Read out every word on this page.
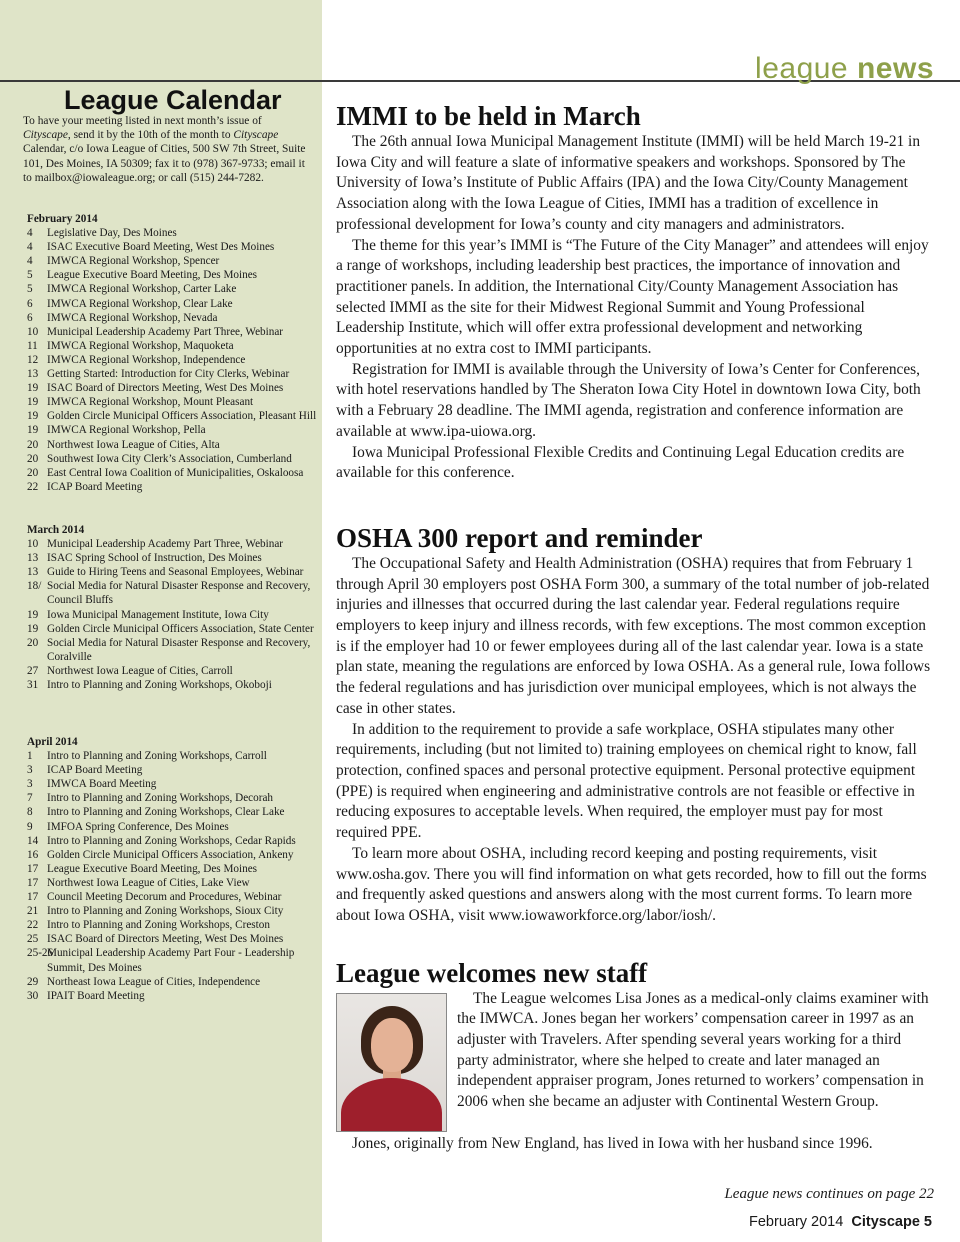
league news
League Calendar
To have your meeting listed in next month’s issue of Cityscape, send it by the 10th of the month to Cityscape Calendar, c/o Iowa League of Cities, 500 SW 7th Street, Suite 101, Des Moines, IA 50309; fax it to (978) 367-9733; email it to mailbox@iowaleague.org; or call (515) 244-7282.
February 2014
4 Legislative Day, Des Moines
4 ISAC Executive Board Meeting, West Des Moines
4 IMWCA Regional Workshop, Spencer
5 League Executive Board Meeting, Des Moines
5 IMWCA Regional Workshop, Carter Lake
6 IMWCA Regional Workshop, Clear Lake
6 IMWCA Regional Workshop, Nevada
10 Municipal Leadership Academy Part Three, Webinar
11 IMWCA Regional Workshop, Maquoketa
12 IMWCA Regional Workshop, Independence
13 Getting Started: Introduction for City Clerks, Webinar
19 ISAC Board of Directors Meeting, West Des Moines
19 IMWCA Regional Workshop, Mount Pleasant
19 Golden Circle Municipal Officers Association, Pleasant Hill
19 IMWCA Regional Workshop, Pella
20 Northwest Iowa League of Cities, Alta
20 Southwest Iowa City Clerk’s Association, Cumberland
20 East Central Iowa Coalition of Municipalities, Oskaloosa
22 ICAP Board Meeting
March 2014
10 Municipal Leadership Academy Part Three, Webinar
13 ISAC Spring School of Instruction, Des Moines
13 Guide to Hiring Teens and Seasonal Employees, Webinar
18/ Social Media for Natural Disaster Response and Recovery, Council Bluffs
19 Iowa Municipal Management Institute, Iowa City
19 Golden Circle Municipal Officers Association, State Center
20 Social Media for Natural Disaster Response and Recovery, Coralville
27 Northwest Iowa League of Cities, Carroll
31 Intro to Planning and Zoning Workshops, Okoboji
April 2014
1 Intro to Planning and Zoning Workshops, Carroll
3 ICAP Board Meeting
3 IMWCA Board Meeting
7 Intro to Planning and Zoning Workshops, Decorah
8 Intro to Planning and Zoning Workshops, Clear Lake
9 IMFOA Spring Conference, Des Moines
14 Intro to Planning and Zoning Workshops, Cedar Rapids
16 Golden Circle Municipal Officers Association, Ankeny
17 League Executive Board Meeting, Des Moines
17 Northwest Iowa League of Cities, Lake View
17 Council Meeting Decorum and Procedures, Webinar
21 Intro to Planning and Zoning Workshops, Sioux City
22 Intro to Planning and Zoning Workshops, Creston
25 ISAC Board of Directors Meeting, West Des Moines
25-26
Municipal Leadership Academy Part Four - Leadership Summit, Des Moines
29 Northeast Iowa League of Cities, Independence
30 IPAIT Board Meeting
IMMI to be held in March

The 26th annual Iowa Municipal Management Institute (IMMI) will be held March 19-21 in Iowa City and will feature a slate of informative speakers and workshops. Sponsored by The University of Iowa’s Institute of Public Affairs (IPA) and the Iowa City/County Management Association along with the Iowa League of Cities, IMMI has a tradition of excellence in professional development for Iowa’s county and city managers and administrators.

The theme for this year’s IMMI is “The Future of the City Manager” and attendees will enjoy a range of workshops, including leadership best practices, the importance of innovation and practitioner panels. In addition, the International City/County Management Association has selected IMMI as the site for their Midwest Regional Summit and Young Professional Leadership Institute, which will offer extra professional development and networking opportunities at no extra cost to IMMI participants.

Registration for IMMI is available through the University of Iowa’s Center for Conferences, with hotel reservations handled by The Sheraton Iowa City Hotel in downtown Iowa City, both with a February 28 deadline. The IMMI agenda, registration and conference information are available at www.ipa-uiowa.org.

Iowa Municipal Professional Flexible Credits and Continuing Legal Education credits are available for this conference.

OSHA 300 report and reminder

The Occupational Safety and Health Administration (OSHA) requires that from February 1 through April 30 employers post OSHA Form 300, a summary of the total number of job-related injuries and illnesses that occurred during the last calendar year. Federal regulations require employers to keep injury and illness records, with few exceptions. The most common exception is if the employer had 10 or fewer employees during all of the last calendar year. Iowa is a state plan state, meaning the regulations are enforced by Iowa OSHA. As a general rule, Iowa follows the federal regulations and has jurisdiction over municipal employees, which is not always the case in other states.

In addition to the requirement to provide a safe workplace, OSHA stipulates many other requirements, including (but not limited to) training employees on chemical right to know, fall protection, confined spaces and personal protective equipment. Personal protective equipment (PPE) is required when engineering and administrative controls are not feasible or effective in reducing exposures to acceptable levels. When required, the employer must pay for most required PPE.

To learn more about OSHA, including record keeping and posting requirements, visit www.osha.gov. There you will find information on what gets recorded, how to fill out the forms and frequently asked questions and answers along with the most current forms. To learn more about Iowa OSHA, visit www.iowaworkforce.org/labor/iosh/.

League welcomes new staff

The League welcomes Lisa Jones as a medical-only claims examiner with the IMWCA. Jones began her workers’ compensation career in 1997 as an adjuster with Travelers. After spending several years working for a third party administrator, where she helped to create and later managed an independent appraiser program, Jones returned to workers’ compensation in 2006 when she became an adjuster with Continental Western Group.

Jones, originally from New England, has lived in Iowa with her husband since 1996.

League news continues on page 22
February 2014 Cityscape 5
